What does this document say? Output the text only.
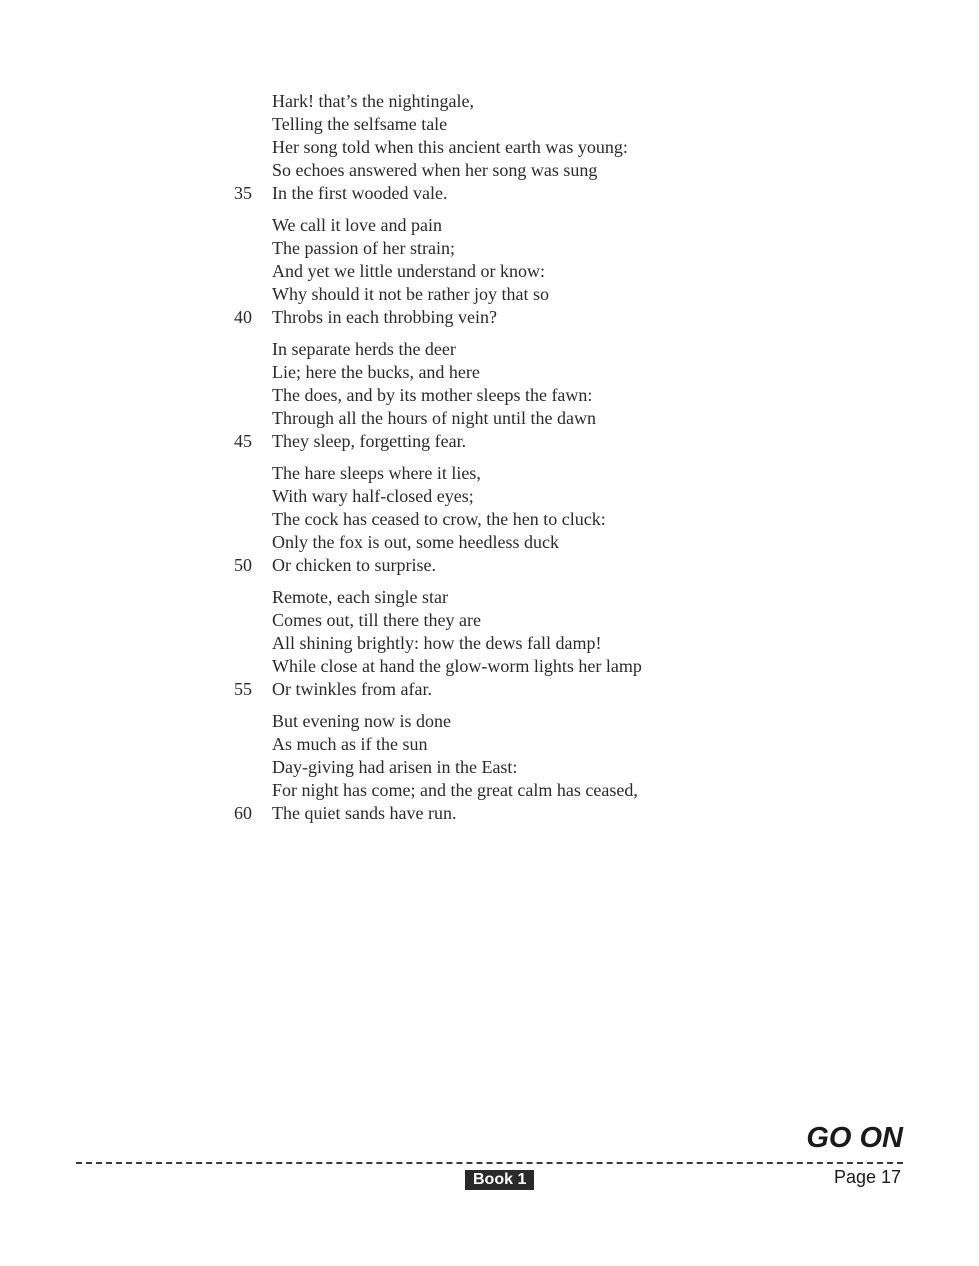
Hark! that’s the nightingale,
Telling the selfsame tale
Her song told when this ancient earth was young:
So echoes answered when her song was sung
35 In the first wooded vale.
We call it love and pain
The passion of her strain;
And yet we little understand or know:
Why should it not be rather joy that so
40 Throbs in each throbbing vein?
In separate herds the deer
Lie; here the bucks, and here
The does, and by its mother sleeps the fawn:
Through all the hours of night until the dawn
45 They sleep, forgetting fear.
The hare sleeps where it lies,
With wary half-closed eyes;
The cock has ceased to crow, the hen to cluck:
Only the fox is out, some heedless duck
50 Or chicken to surprise.
Remote, each single star
Comes out, till there they are
All shining brightly: how the dews fall damp!
While close at hand the glow-worm lights her lamp
55 Or twinkles from afar.
But evening now is done
As much as if the sun
Day-giving had arisen in the East:
For night has come; and the great calm has ceased,
60 The quiet sands have run.
GO ON
Book 1	Page 17
